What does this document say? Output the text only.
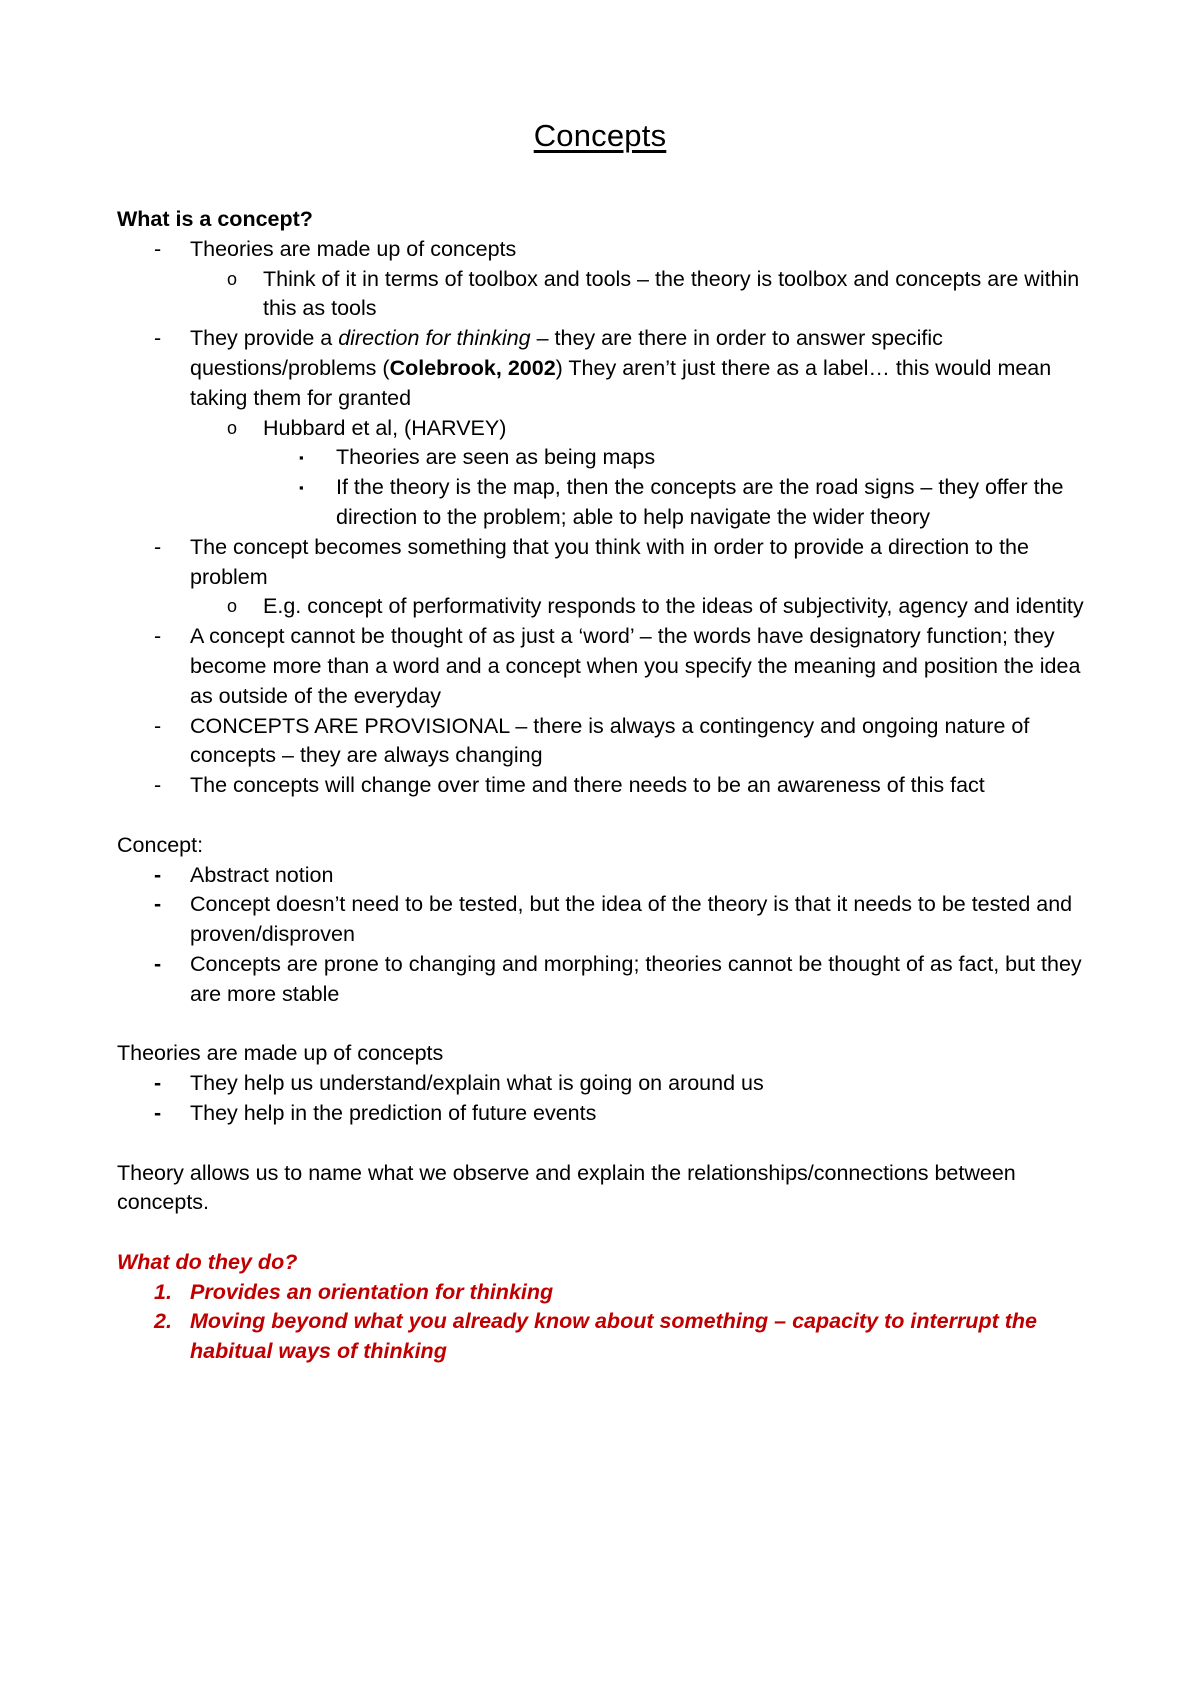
Concepts
What is a concept?
-	Theories are made up of concepts
o	Think of it in terms of toolbox and tools – the theory is toolbox and concepts are within this as tools
-	They provide a direction for thinking – they are there in order to answer specific questions/problems (Colebrook, 2002) They aren’t just there as a label… this would mean taking them for granted
o	Hubbard et al, (HARVEY)
▪	Theories are seen as being maps
▪	If the theory is the map, then the concepts are the road signs – they offer the direction to the problem; able to help navigate the wider theory
-	The concept becomes something that you think with in order to provide a direction to the problem
o	E.g. concept of performativity responds to the ideas of subjectivity, agency and identity
-	A concept cannot be thought of as just a ‘word’ – the words have designatory function; they become more than a word and a concept when you specify the meaning and position the idea as outside of the everyday
-	CONCEPTS ARE PROVISIONAL – there is always a contingency and ongoing nature of concepts – they are always changing
-	The concepts will change over time and there needs to be an awareness of this fact
Concept:
-	Abstract notion
-	Concept doesn’t need to be tested, but the idea of the theory is that it needs to be tested and proven/disproven
-	Concepts are prone to changing and morphing; theories cannot be thought of as fact, but they are more stable
Theories are made up of concepts
-	They help us understand/explain what is going on around us
-	They help in the prediction of future events
Theory allows us to name what we observe and explain the relationships/connections between concepts.
What do they do?
1. Provides an orientation for thinking
2. Moving beyond what you already know about something – capacity to interrupt the habitual ways of thinking
